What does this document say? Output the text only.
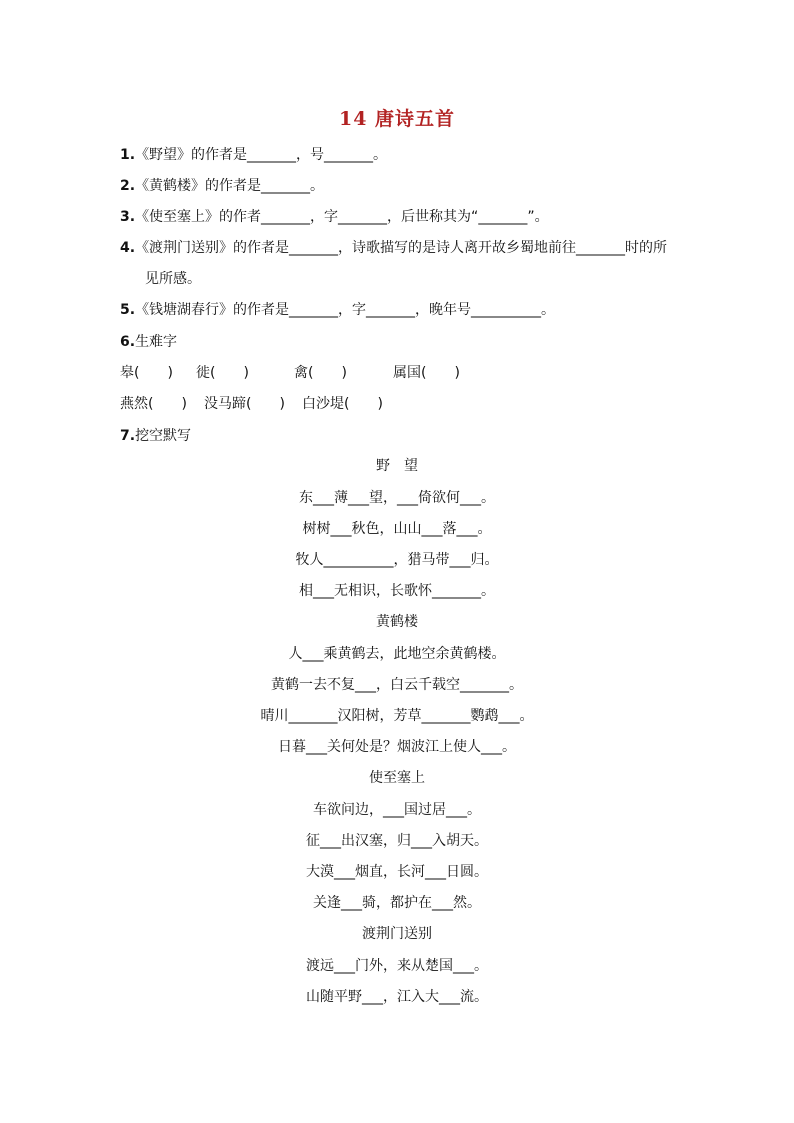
14 唐诗五首
1.《野望》的作者是_______，号_______。
2.《黄鹤楼》的作者是_______。
3.《使至塞上》的作者_______，字_______，后世称其为“_______”。
4.《渡荆门送别》的作者是_______，诗歌描写的是诗人离开故乡蜀地前往_______时的所
见所感。
5.《钱塘湖春行》的作者是_______，字_______，晚年号__________。
6.生难字
皋(　　) 徙(　　)	禽(　　)	属国(　　)
燕然(　　) 没马蹄(　　) 白沙堤(　　)
7.挖空默写
野　望
东___薄___望，___倚欲何___。
树树___秋色，山山___落___。
牧人__________，猎马带___归。
相___无相识，长歌怀_______。
黄鹤楼
人___乘黄鹤去，此地空余黄鹤楼。
黄鹤一去不复___，白云千载空_______。
晴川_______汉阳树，芳草_______鹦鹉___。
日暮___关何处是？烟波江上使人___。
使至塞上
车欲问边，___国过居___。
征___出汉塞，归___入胡天。
大漠___烟直，长河___日圆。
关逢___骑，都护在___然。
渡荆门送别
渡远___门外，来从楚国___。
山随平野___，江入大___流。
